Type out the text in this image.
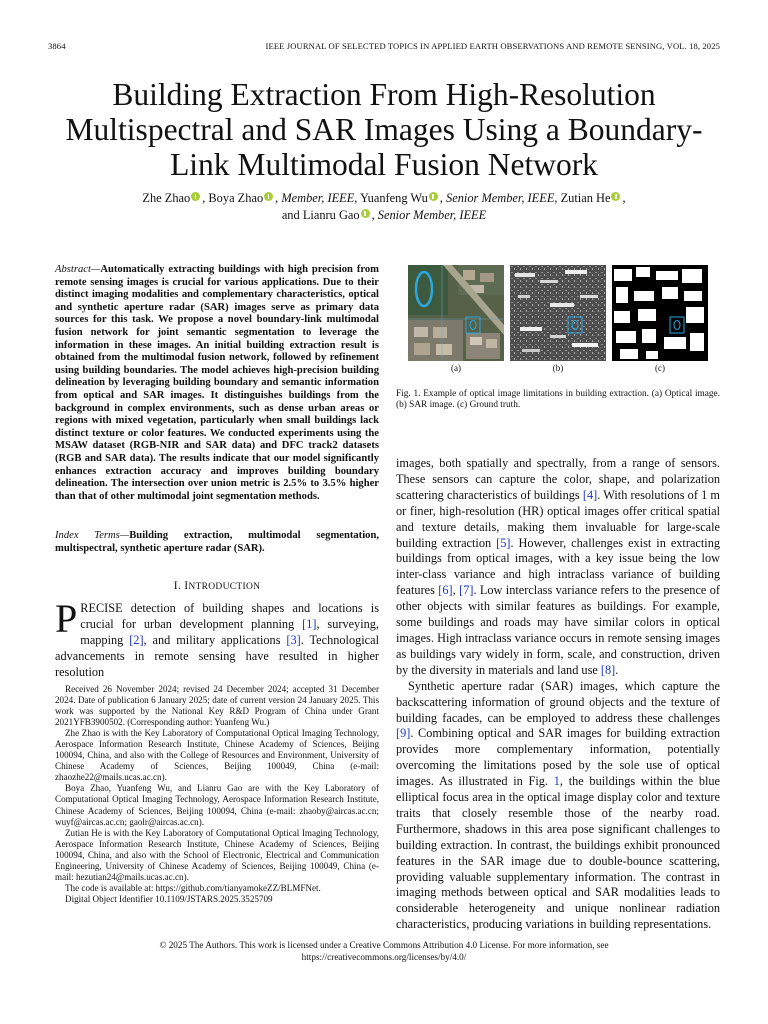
3864	IEEE JOURNAL OF SELECTED TOPICS IN APPLIED EARTH OBSERVATIONS AND REMOTE SENSING, VOL. 18, 2025
Building Extraction From High-Resolution Multispectral and SAR Images Using a Boundary-Link Multimodal Fusion Network
Zhe Zhao , Boya Zhao , Member, IEEE, Yuanfeng Wu , Senior Member, IEEE, Zutian He ,
and Lianru Gao , Senior Member, IEEE
Abstract—Automatically extracting buildings with high precision from remote sensing images is crucial for various applications. Due to their distinct imaging modalities and complementary characteristics, optical and synthetic aperture radar (SAR) images serve as primary data sources for this task. We propose a novel boundary-link multimodal fusion network for joint semantic segmentation to leverage the information in these images. An initial building extraction result is obtained from the multimodal fusion network, followed by refinement using building boundaries. The model achieves high-precision building delineation by leveraging building boundary and semantic information from optical and SAR images. It distinguishes buildings from the background in complex environments, such as dense urban areas or regions with mixed vegetation, particularly when small buildings lack distinct texture or color features. We conducted experiments using the MSAW dataset (RGB-NIR and SAR data) and DFC track2 datasets (RGB and SAR data). The results indicate that our model significantly enhances extraction accuracy and improves building boundary delineation. The intersection over union metric is 2.5% to 3.5% higher than that of other multimodal joint segmentation methods.
Index Terms—Building extraction, multimodal segmentation, multispectral, synthetic aperture radar (SAR).
I. INTRODUCTION
PRECISE detection of building shapes and locations is crucial for urban development planning [1], surveying, mapping [2], and military applications [3]. Technological advancements in remote sensing have resulted in higher resolution

Received 26 November 2024; revised 24 December 2024; accepted 31 December 2024. Date of publication 6 January 2025; date of current version 24 January 2025. This work was supported by the National Key R&D Program of China under Grant 2021YFB3900502. (Corresponding author: Yuanfeng Wu.)

Zhe Zhao is with the Key Laboratory of Computational Optical Imaging Technology, Aerospace Information Research Institute, Chinese Academy of Sciences, Beijing 100094, China, and also with the College of Resources and Environment, University of Chinese Academy of Sciences, Beijing 100049, China (e-mail: zhaozhe22@mails.ucas.ac.cn).

Boya Zhao, Yuanfeng Wu, and Lianru Gao are with the Key Laboratory of Computational Optical Imaging Technology, Aerospace Information Research Institute, Chinese Academy of Sciences, Beijing 100094, China (e-mail: zhaoby@aircas.ac.cn; wuyf@aircas.ac.cn; gaolr@aircas.ac.cn).

Zutian He is with the Key Laboratory of Computational Optical Imaging Technology, Aerospace Information Research Institute, Chinese Academy of Sciences, Beijing 100094, China, and also with the School of Electronic, Electrical and Communication Engineering, University of Chinese Academy of Sciences, Beijing 100049, China (e-mail: hezutian24@mails.ucas.ac.cn).

The code is available at: https://github.com/tianyamokeZZ/BLMFNet.

Digital Object Identifier 10.1109/JSTARS.2025.3525709

(a)	(b)	(c)
Fig. 1. Example of optical image limitations in building extraction. (a) Optical image. (b) SAR image. (c) Ground truth.

images, both spatially and spectrally, from a range of sensors. These sensors can capture the color, shape, and polarization scattering characteristics of buildings [4]. With resolutions of 1 m or finer, high-resolution (HR) optical images offer critical spatial and texture details, making them invaluable for large-scale building extraction [5]. However, challenges exist in extracting buildings from optical images, with a key issue being the low inter-class variance and high intraclass variance of building features [6], [7]. Low interclass variance refers to the presence of other objects with similar features as buildings. For example, some buildings and roads may have similar colors in optical images. High intraclass variance occurs in remote sensing images as buildings vary widely in form, scale, and construction, driven by the diversity in materials and land use [8].

Synthetic aperture radar (SAR) images, which capture the backscattering information of ground objects and the texture of building facades, can be employed to address these challenges [9]. Combining optical and SAR images for building extraction provides more complementary information, potentially overcoming the limitations posed by the sole use of optical images. As illustrated in Fig. 1, the buildings within the blue elliptical focus area in the optical image display color and texture traits that closely resemble those of the nearby road. Furthermore, shadows in this area pose significant challenges to building extraction. In contrast, the buildings exhibit pronounced features in the SAR image due to double-bounce scattering, providing valuable supplementary information. The contrast in imaging methods between optical and SAR modalities leads to considerable heterogeneity and unique nonlinear radiation characteristics, producing variations in building representations.

© 2025 The Authors. This work is licensed under a Creative Commons Attribution 4.0 License. For more information, see https://creativecommons.org/licenses/by/4.0/
